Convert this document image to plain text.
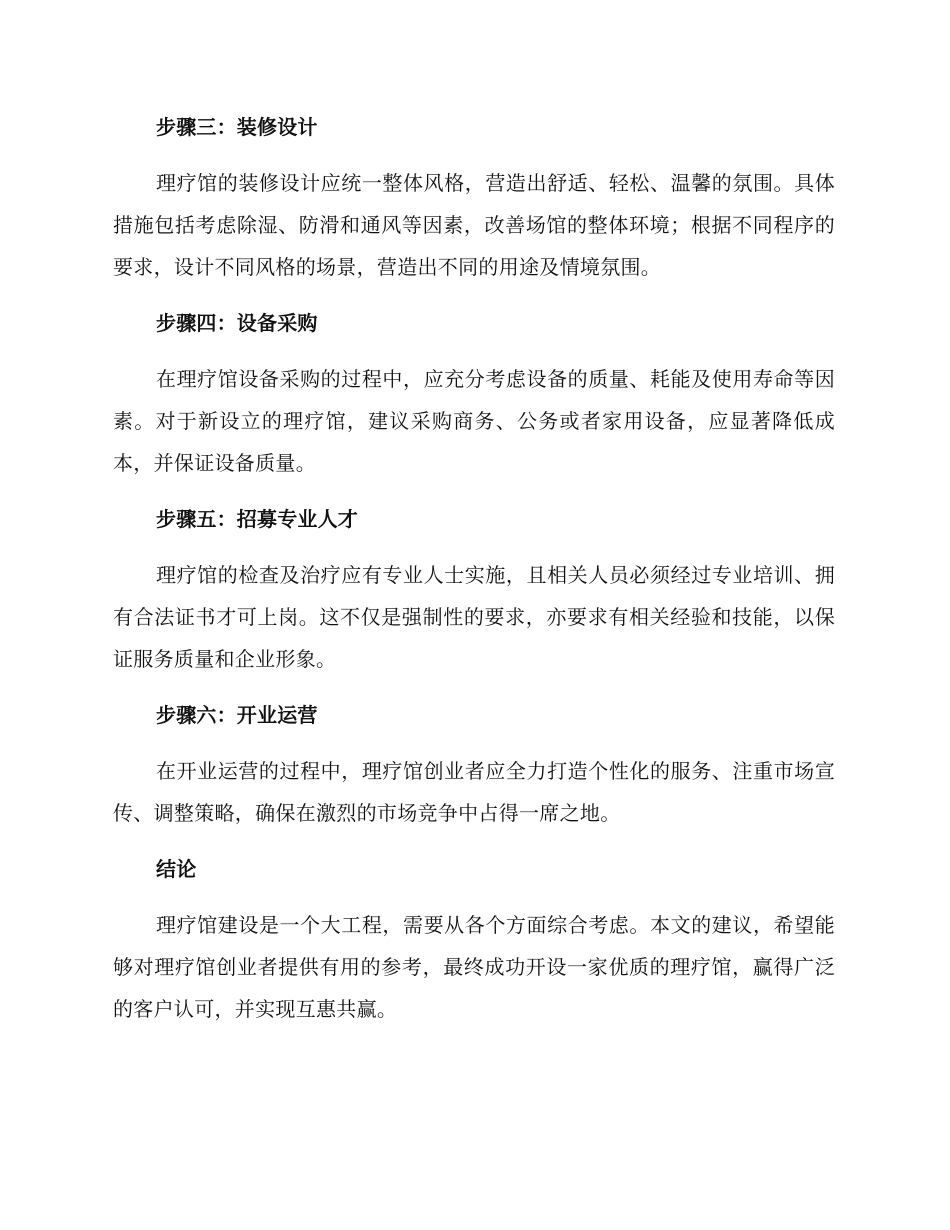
步骤三：装修设计

理疗馆的装修设计应统一整体风格，营造出舒适、轻松、温馨的氛围。具体措施包括考虑除湿、防滑和通风等因素，改善场馆的整体环境；根据不同程序的要求，设计不同风格的场景，营造出不同的用途及情境氛围。

步骤四：设备采购

在理疗馆设备采购的过程中，应充分考虑设备的质量、耗能及使用寿命等因素。对于新设立的理疗馆，建议采购商务、公务或者家用设备，应显著降低成本，并保证设备质量。

步骤五：招募专业人才

理疗馆的检查及治疗应有专业人士实施，且相关人员必须经过专业培训、拥有合法证书才可上岗。这不仅是强制性的要求，亦要求有相关经验和技能，以保证服务质量和企业形象。

步骤六：开业运营

在开业运营的过程中，理疗馆创业者应全力打造个性化的服务、注重市场宣传、调整策略，确保在激烈的市场竞争中占得一席之地。

结论

理疗馆建设是一个大工程，需要从各个方面综合考虑。本文的建议，希望能够对理疗馆创业者提供有用的参考，最终成功开设一家优质的理疗馆，赢得广泛的客户认可，并实现互惠共赢。
